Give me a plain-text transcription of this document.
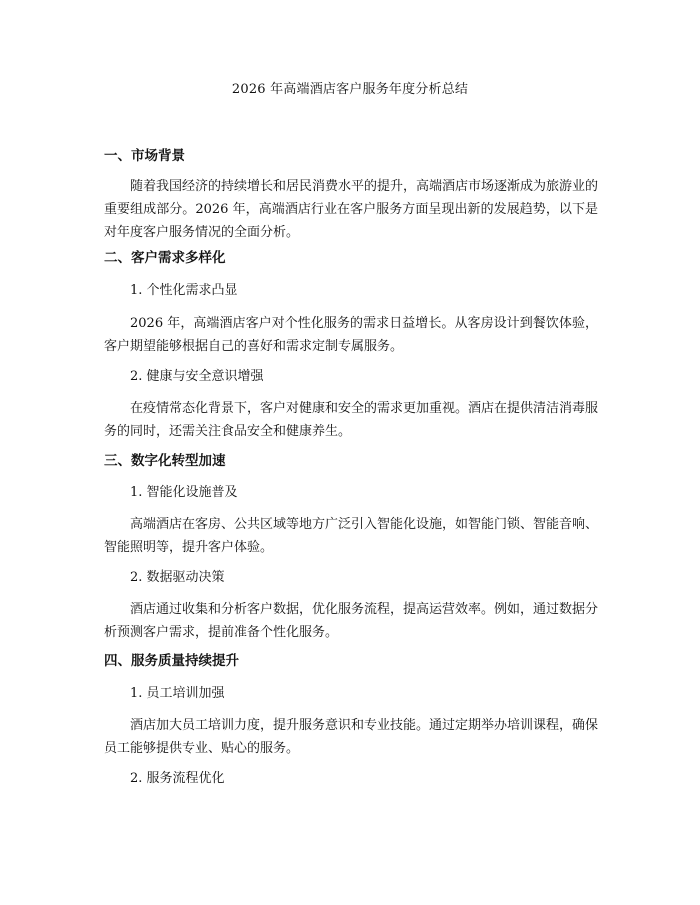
2026 年高端酒店客户服务年度分析总结
一、市场背景
随着我国经济的持续增长和居民消费水平的提升，高端酒店市场逐渐成为旅游业的重要组成部分。2026 年，高端酒店行业在客户服务方面呈现出新的发展趋势，以下是对年度客户服务情况的全面分析。
二、客户需求多样化
1. 个性化需求凸显
2026 年，高端酒店客户对个性化服务的需求日益增长。从客房设计到餐饮体验，客户期望能够根据自己的喜好和需求定制专属服务。
2. 健康与安全意识增强
在疫情常态化背景下，客户对健康和安全的需求更加重视。酒店在提供清洁消毒服务的同时，还需关注食品安全和健康养生。
三、数字化转型加速
1. 智能化设施普及
高端酒店在客房、公共区域等地方广泛引入智能化设施，如智能门锁、智能音响、智能照明等，提升客户体验。
2. 数据驱动决策
酒店通过收集和分析客户数据，优化服务流程，提高运营效率。例如，通过数据分析预测客户需求，提前准备个性化服务。
四、服务质量持续提升
1. 员工培训加强
酒店加大员工培训力度，提升服务意识和专业技能。通过定期举办培训课程，确保员工能够提供专业、贴心的服务。
2. 服务流程优化
